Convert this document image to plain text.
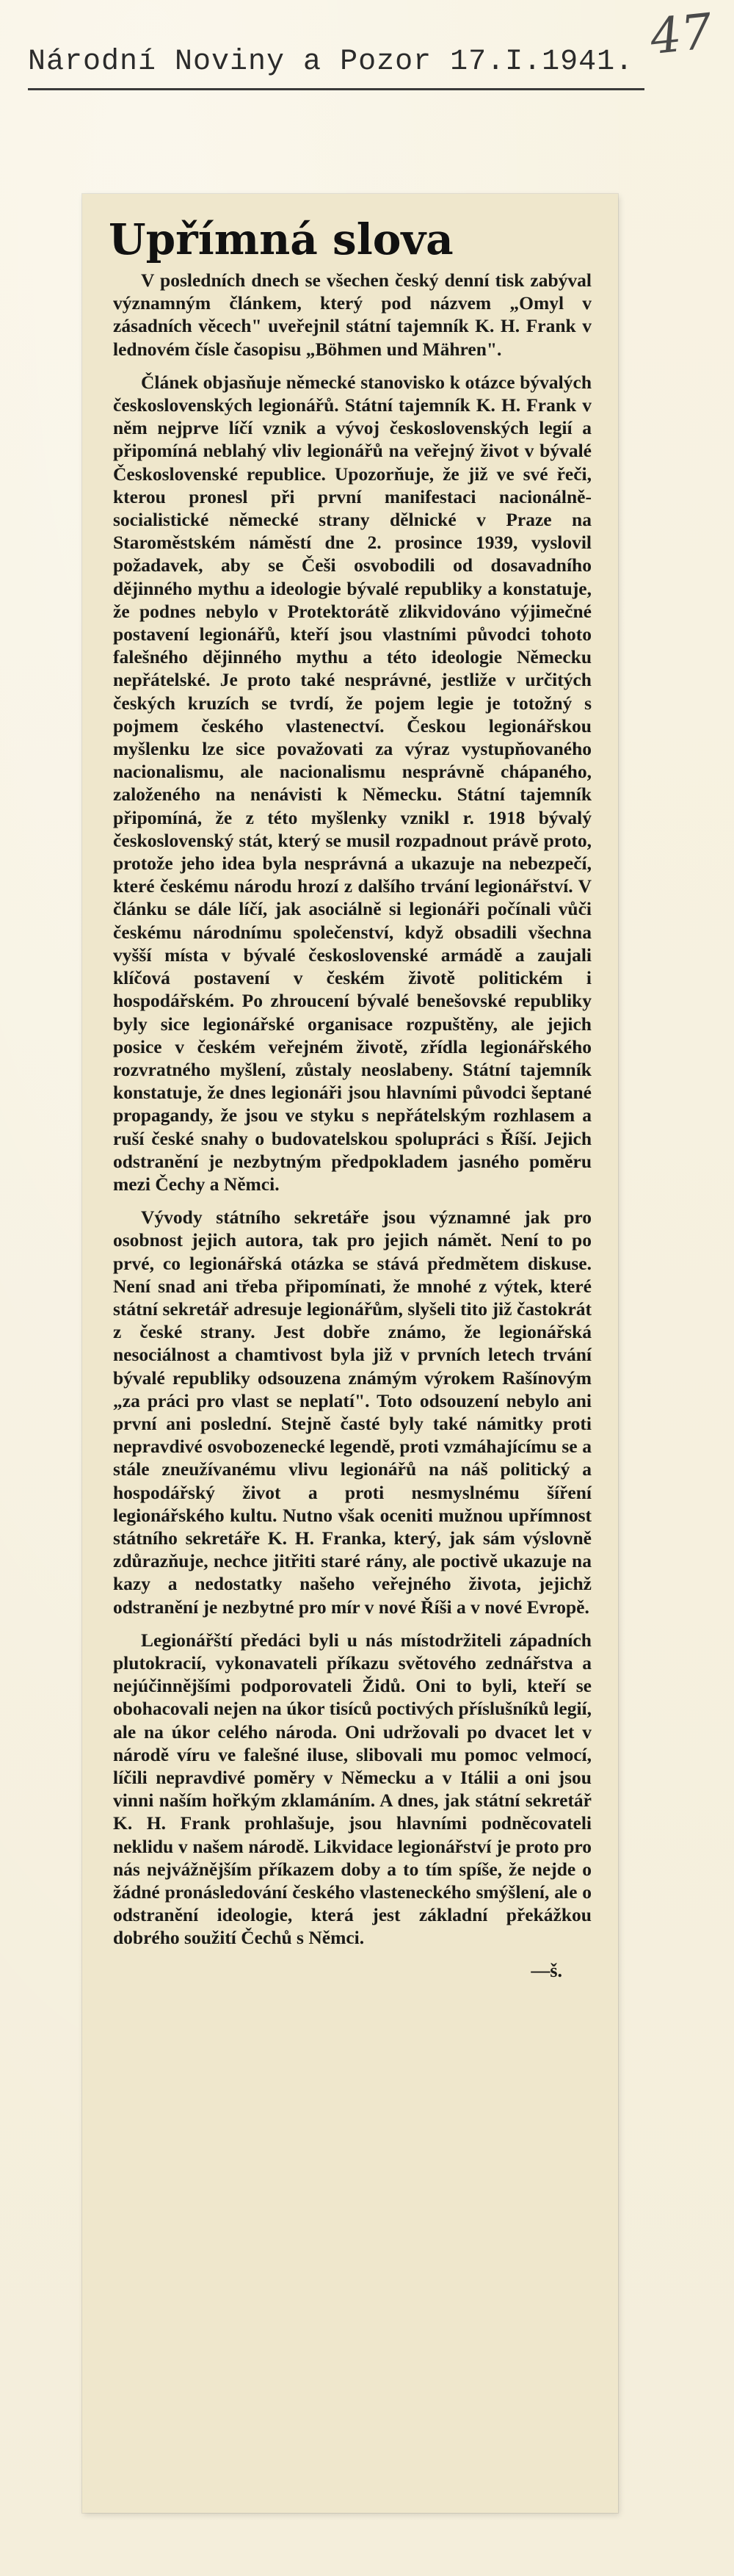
Národní Noviny a Pozor 17.I.1941. 47
Upřímná slova

V posledních dnech se všechen český denní tisk zabýval významným článkem, který pod názvem „Omyl v zásadních věcech" uveřejnil státní tajemník K. H. Frank v lednovém čísle časopisu „Böhmen und Mähren".

Článek objasňuje německé stanovisko k otázce bývalých československých legionářů. Státní tajemník K. H. Frank v něm nejprve líčí vznik a vývoj československých legií a připomíná neblahý vliv legionářů na veřejný život v bývalé Československé republice. Upozorňuje, že již ve své řeči, kterou pronesl při první manifestaci nacionálně-socialistické německé strany dělnické v Praze na Staroměstském náměstí dne 2. prosince 1939, vyslovil požadavek, aby se Češi osvobodili od dosavadního dějinného mythu a ideologie bývalé republiky a konstatuje, že podnes nebylo v Protektorátě zlikvidováno výjimečné postavení legionářů, kteří jsou vlastními původci tohoto falešného dějinného mythu a této ideologie Německu nepřátelské. Je proto také nesprávné, jestliže v určitých českých kruzích se tvrdí, že pojem legie je totožný s pojmem českého vlastenectví. Českou legionářskou myšlenku lze sice považovati za výraz vystupňovaného nacionalismu, ale nacionalismu nesprávně chápaného, založeného na nenávisti k Německu. Státní tajemník připomíná, že z této myšlenky vznikl r. 1918 bývalý československý stát, který se musil rozpadnout právě proto, protože jeho idea byla nesprávná a ukazuje na nebezpečí, které českému národu hrozí z dalšího trvání legionářství. V článku se dále líčí, jak asociálně si legionáři počínali vůči českému národnímu společenství, když obsadili všechna vyšší místa v bývalé československé armádě a zaujali klíčová postavení v českém životě politickém i hospodářském. Po zhroucení bývalé benešovské republiky byly sice legionářské organisace rozpuštěny, ale jejich posice v českém veřejném životě, zřídla legionářského rozvratného myšlení, zůstaly neoslabeny. Státní tajemník konstatuje, že dnes legionáři jsou hlavními původci šeptané propagandy, že jsou ve styku s nepřátelským rozhlasem a ruší české snahy o budovatelskou spolupráci s Říší. Jejich odstranění je nezbytným předpokladem jasného poměru mezi Čechy a Němci.

Vývody státního sekretáře jsou významné jak pro osobnost jejich autora, tak pro jejich námět. Není to po prvé, co legionářská otázka se stává předmětem diskuse. Není snad ani třeba připomínati, že mnohé z výtek, které státní sekretář adresuje legionářům, slyšeli tito již častokrát z české strany. Jest dobře známo, že legionářská nesociálnost a chamtivost byla již v prvních letech trvání bývalé republiky odsouzena známým výrokem Rašínovým „za práci pro vlast se neplatí". Toto odsouzení nebylo ani první ani poslední. Stejně časté byly také námitky proti nepravdivé osvobozenecké legendě, proti vzmáhajícímu se a stále zneužívanému vlivu legionářů na náš politický a hospodářský život a proti nesmyslnému šíření legionářského kultu. Nutno však oceniti mužnou upřímnost státního sekretáře K. H. Franka, který, jak sám výslovně zdůrazňuje, nechce jitřiti staré rány, ale poctivě ukazuje na kazy a nedostatky našeho veřejného života, jejichž odstranění je nezbytné pro mír v nové Říši a v nové Evropě.

Legionářští předáci byli u nás místodržiteli západních plutokracií, vykonavateli příkazu světového zednářstva a nejúčinnějšími podporovateli Židů. Oni to byli, kteří se obohacovali nejen na úkor tisíců poctivých příslušníků legií, ale na úkor celého národa. Oni udržovali po dvacet let v národě víru ve falešné iluse, slibovali mu pomoc velmocí, líčili nepravdivé poměry v Německu a v Itálii a oni jsou vinni naším hořkým zklamáním. A dnes, jak státní sekretář K. H. Frank prohlašuje, jsou hlavními podněcovateli neklidu v našem národě. Likvidace legionářství je proto pro nás nejvážnějším příkazem doby a to tím spíše, že nejde o žádné pronásledování českého vlasteneckého smýšlení, ale o odstranění ideologie, která jest základní překážkou dobrého soužití Čechů s Němci.

—š.
